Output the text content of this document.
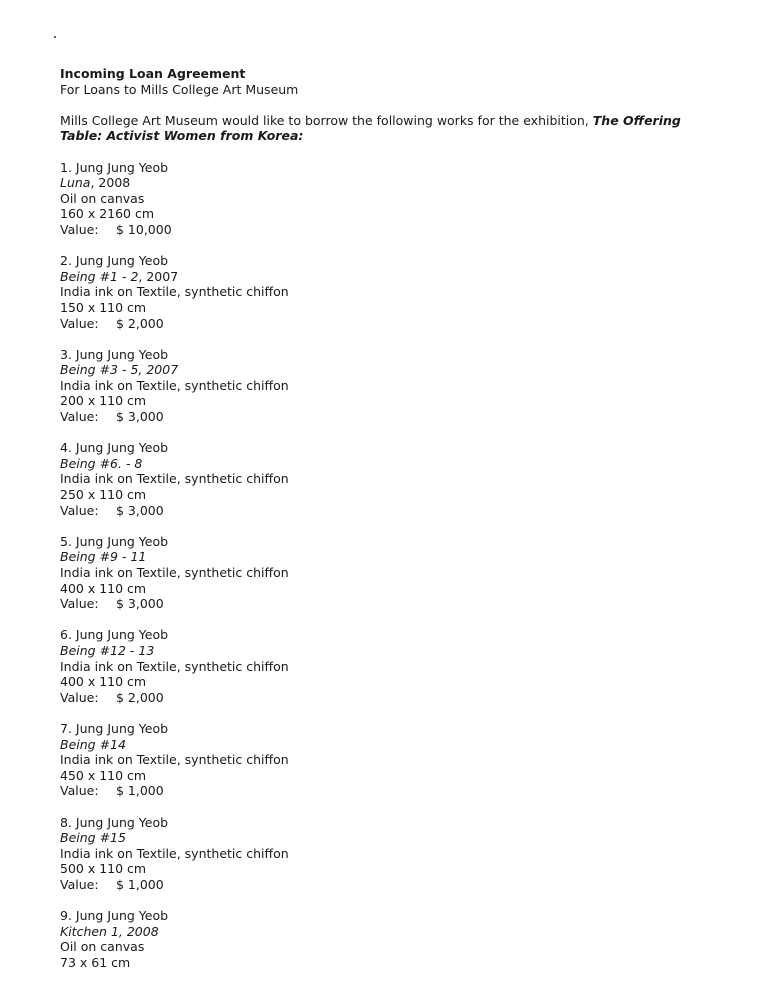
Incoming Loan Agreement
For Loans to Mills College Art Museum
Mills College Art Museum would like to borrow the following works for the exhibition, The Offering
Table: Activist Women from Korea:
1. Jung Jung Yeob
Luna, 2008
Oil on canvas
160 x 2160 cm
Value: $ 10,000
2. Jung Jung Yeob
Being #1 - 2, 2007
India ink on Textile, synthetic chiffon
150 x 110 cm
Value: $ 2,000
3. Jung Jung Yeob
Being #3 - 5, 2007
India ink on Textile, synthetic chiffon
200 x 110 cm
Value: $ 3,000
4. Jung Jung Yeob
Being #6. - 8
India ink on Textile, synthetic chiffon
250 x 110 cm
Value: $ 3,000
5. Jung Jung Yeob
Being #9 - 11
India ink on Textile, synthetic chiffon
400 x 110 cm
Value: $ 3,000
6. Jung Jung Yeob
Being #12 - 13
India ink on Textile, synthetic chiffon
400 x 110 cm
Value: $ 2,000
7. Jung Jung Yeob
Being #14
India ink on Textile, synthetic chiffon
450 x 110 cm
Value: $ 1,000
8. Jung Jung Yeob
Being #15
India ink on Textile, synthetic chiffon
500 x 110 cm
Value: $ 1,000
9. Jung Jung Yeob
Kitchen 1, 2008
Oil on canvas
73 x 61 cm
